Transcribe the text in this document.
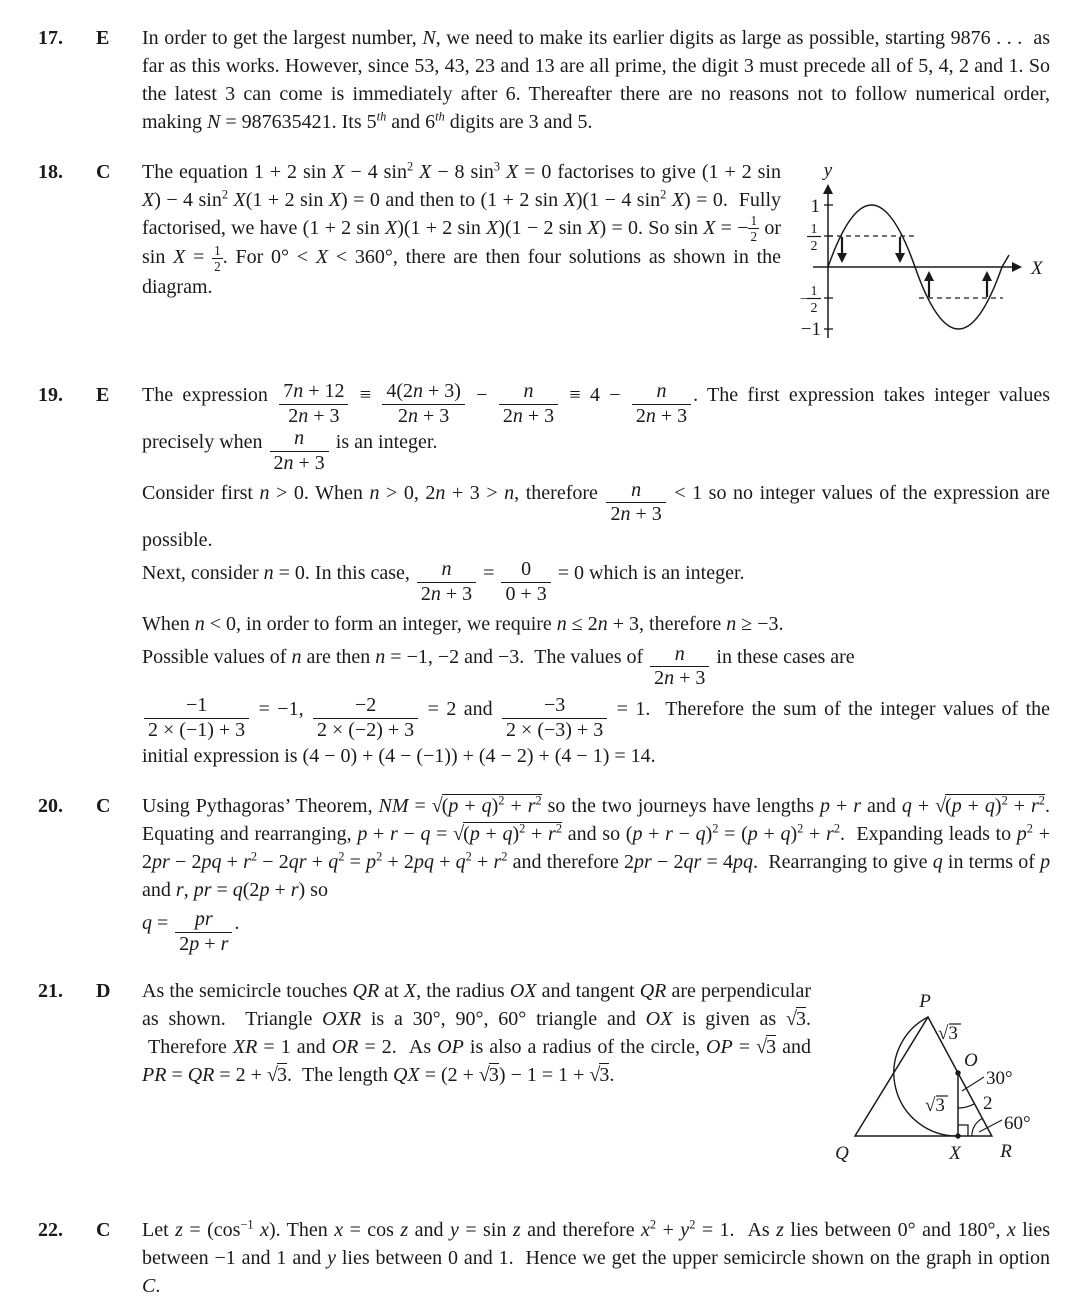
17.	E	In order to get the largest number, N, we need to make its earlier digits as large as possible, starting 9876 . . .  as far as this works. However, since 53, 43, 23 and 13 are all prime, the digit 3 must precede all of 5, 4, 2 and 1. So the latest 3 can come is immediately after 6. Thereafter there are no reasons not to follow numerical order, making N = 987635421. Its 5th and 6th digits are 3 and 5.

18.	C
1
1
2
−
1
2
−1
y
X

The equation 1 + 2 sin X − 4 $\sin^2 X - 8$ $\sin^3 X = 0$ factorises to give (1 + 2 sin X) − 4 $\sin^2 X(1 + 2$ sin X) = 0 and then to (1 + 2 sin X)(1 − 4 $\sin^2 X) = 0$.  Fully factorised, we have (1 + 2 sin X)(1 + 2 sin X)(1 − 2 sin X) = 0. So sin X = − $\frac{1}{2}$ or $\sin X = \frac{1}{2}$ . For 0° < X < 360°, there are then four solutions as shown in the diagram.

19.	E	The expression $\frac{7n + 12}{2n + 3} \equiv \frac{4(2n + 3)}{2n + 3} - \frac{n}{2n + 3} \equiv 4 - \frac{n}{2n + 3}$ . The first expression takes integer values precisely when $\frac{n}{2n + 3}$ is an integer.

Consider first n > 0. When n > 0, 2n + 3 > n, therefore $\frac{n}{2n + 3} < 1$ so no integer values of the expression are possible.

Next, consider n = 0. In this case, $\frac{n}{2n + 3} = \frac{0}{0 + 3} = 0$ which is an integer.

When n < 0, in order to form an integer, we require n ≤ 2n + 3, therefore n ≥ −3.

Possible values of n are then n = −1, −2 and −3.  The values of $\frac{n}{2n + 3}$ in these cases are

$\frac{-1}{2 \times (-1) + 3} = -1$, $\frac{-2}{2 \times (-2) + 3} = 2$ and $\frac{-3}{2 \times (-3) + 3} = 1$.  Therefore the sum of the integer values of the initial expression is (4 − 0) + (4 − (−1)) + (4 − 2) + (4 − 1) = 14.

20.	C	Using Pythagoras’ Theorem, NM = $√(p + q)^2 + r^2$ so the two journeys have lengths p + r and $q + √(p + q)^2 + r^2$. Equating and rearranging, $p + r - q = √(p + q)^2 + r^2$ and so $(p + r - q)^2 = (p + q)^2 + r^2$.  Expanding leads to $p^2 + 2pr - 2pq + r^2 - 2qr + q^2 = p^2 + 2pq + q^2 + r^2$ and therefore 2pr − 2qr = 4pq.  Rearranging to give q in terms of p and r, pr = q(2p + r) so

$q = \frac{pr}{2p + r}$ .

21.	D	P
Q	X R
O
√3
√3 2
30°
60°

As the semicircle touches QR at X, the radius OX and tangent QR are perpendicular as shown.  Triangle OXR is a 30°, 90°, 60° triangle and OX is given as √3.  Therefore XR = 1 and OR = 2.  As OP is also a radius of the circle, OP = √3 and PR = QR = 2 + √3.  The length QX = (2 + √3) − 1 = 1 + √3.

22.	C	Let $z = (\cos^{-1}$ x). Then x = cos z and y = sin z and therefore $x^2 + y^2 = 1$.  As z lies between 0° and 180°, x lies between −1 and 1 and y lies between 0 and 1.  Hence we get the upper semicircle shown on the graph in option C.
